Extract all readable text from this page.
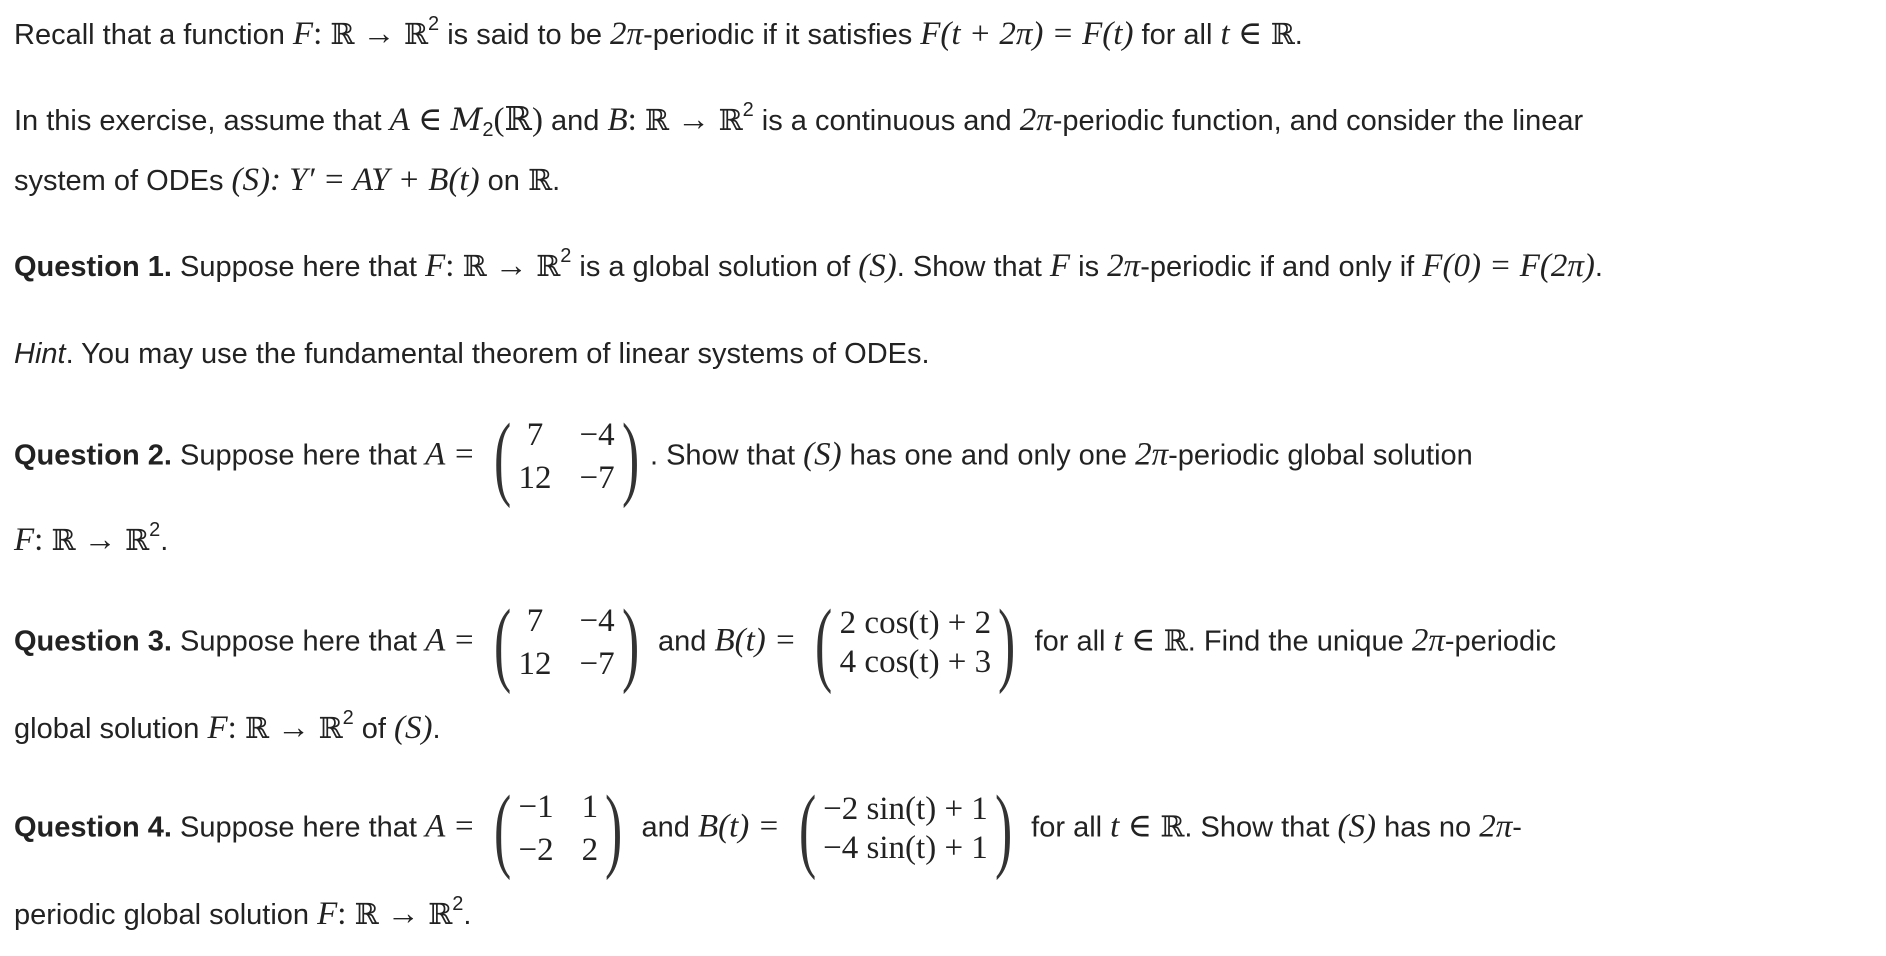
Recall that a function F: ℝ → ℝ$^2$ is said to be 2π-periodic if it satisfies F(t + 2π) = F(t) for all t ∈ ℝ.
In this exercise, assume that A ∈ $M_2(ℝ)$ and B: ℝ → ℝ$^2$ is a continuous and 2π-periodic function, and consider the linear
system of ODEs (S): Y′ = AY + B(t) on ℝ.
Question 1. Suppose here that F: ℝ → ℝ$^2$ is a global solution of (S). Show that F is 2π-periodic if and only if F(0) = F(2π).
Hint. You may use the fundamental theorem of linear systems of ODEs.
Question 2. Suppose here that A = ( 7 −4
12 −7 ) . Show that (S) has one and only one 2π-periodic global solution
F: ℝ → ℝ$^2$.
Question 3. Suppose here that A = ( 7 −4
12 −7 ) and B(t) = ( 2 cos(t) + 2
4 cos(t) + 3 ) for all t ∈ ℝ. Find the unique 2π-periodic
global solution F: ℝ → ℝ$^2$ of (S).
Question 4. Suppose here that A = ( −1 1
−2 2 ) and B(t) = ( −2 sin(t) + 1
−4 sin(t) + 1 ) for all t ∈ ℝ. Show that (S) has no 2π-
periodic global solution F: ℝ → ℝ$^2$.
